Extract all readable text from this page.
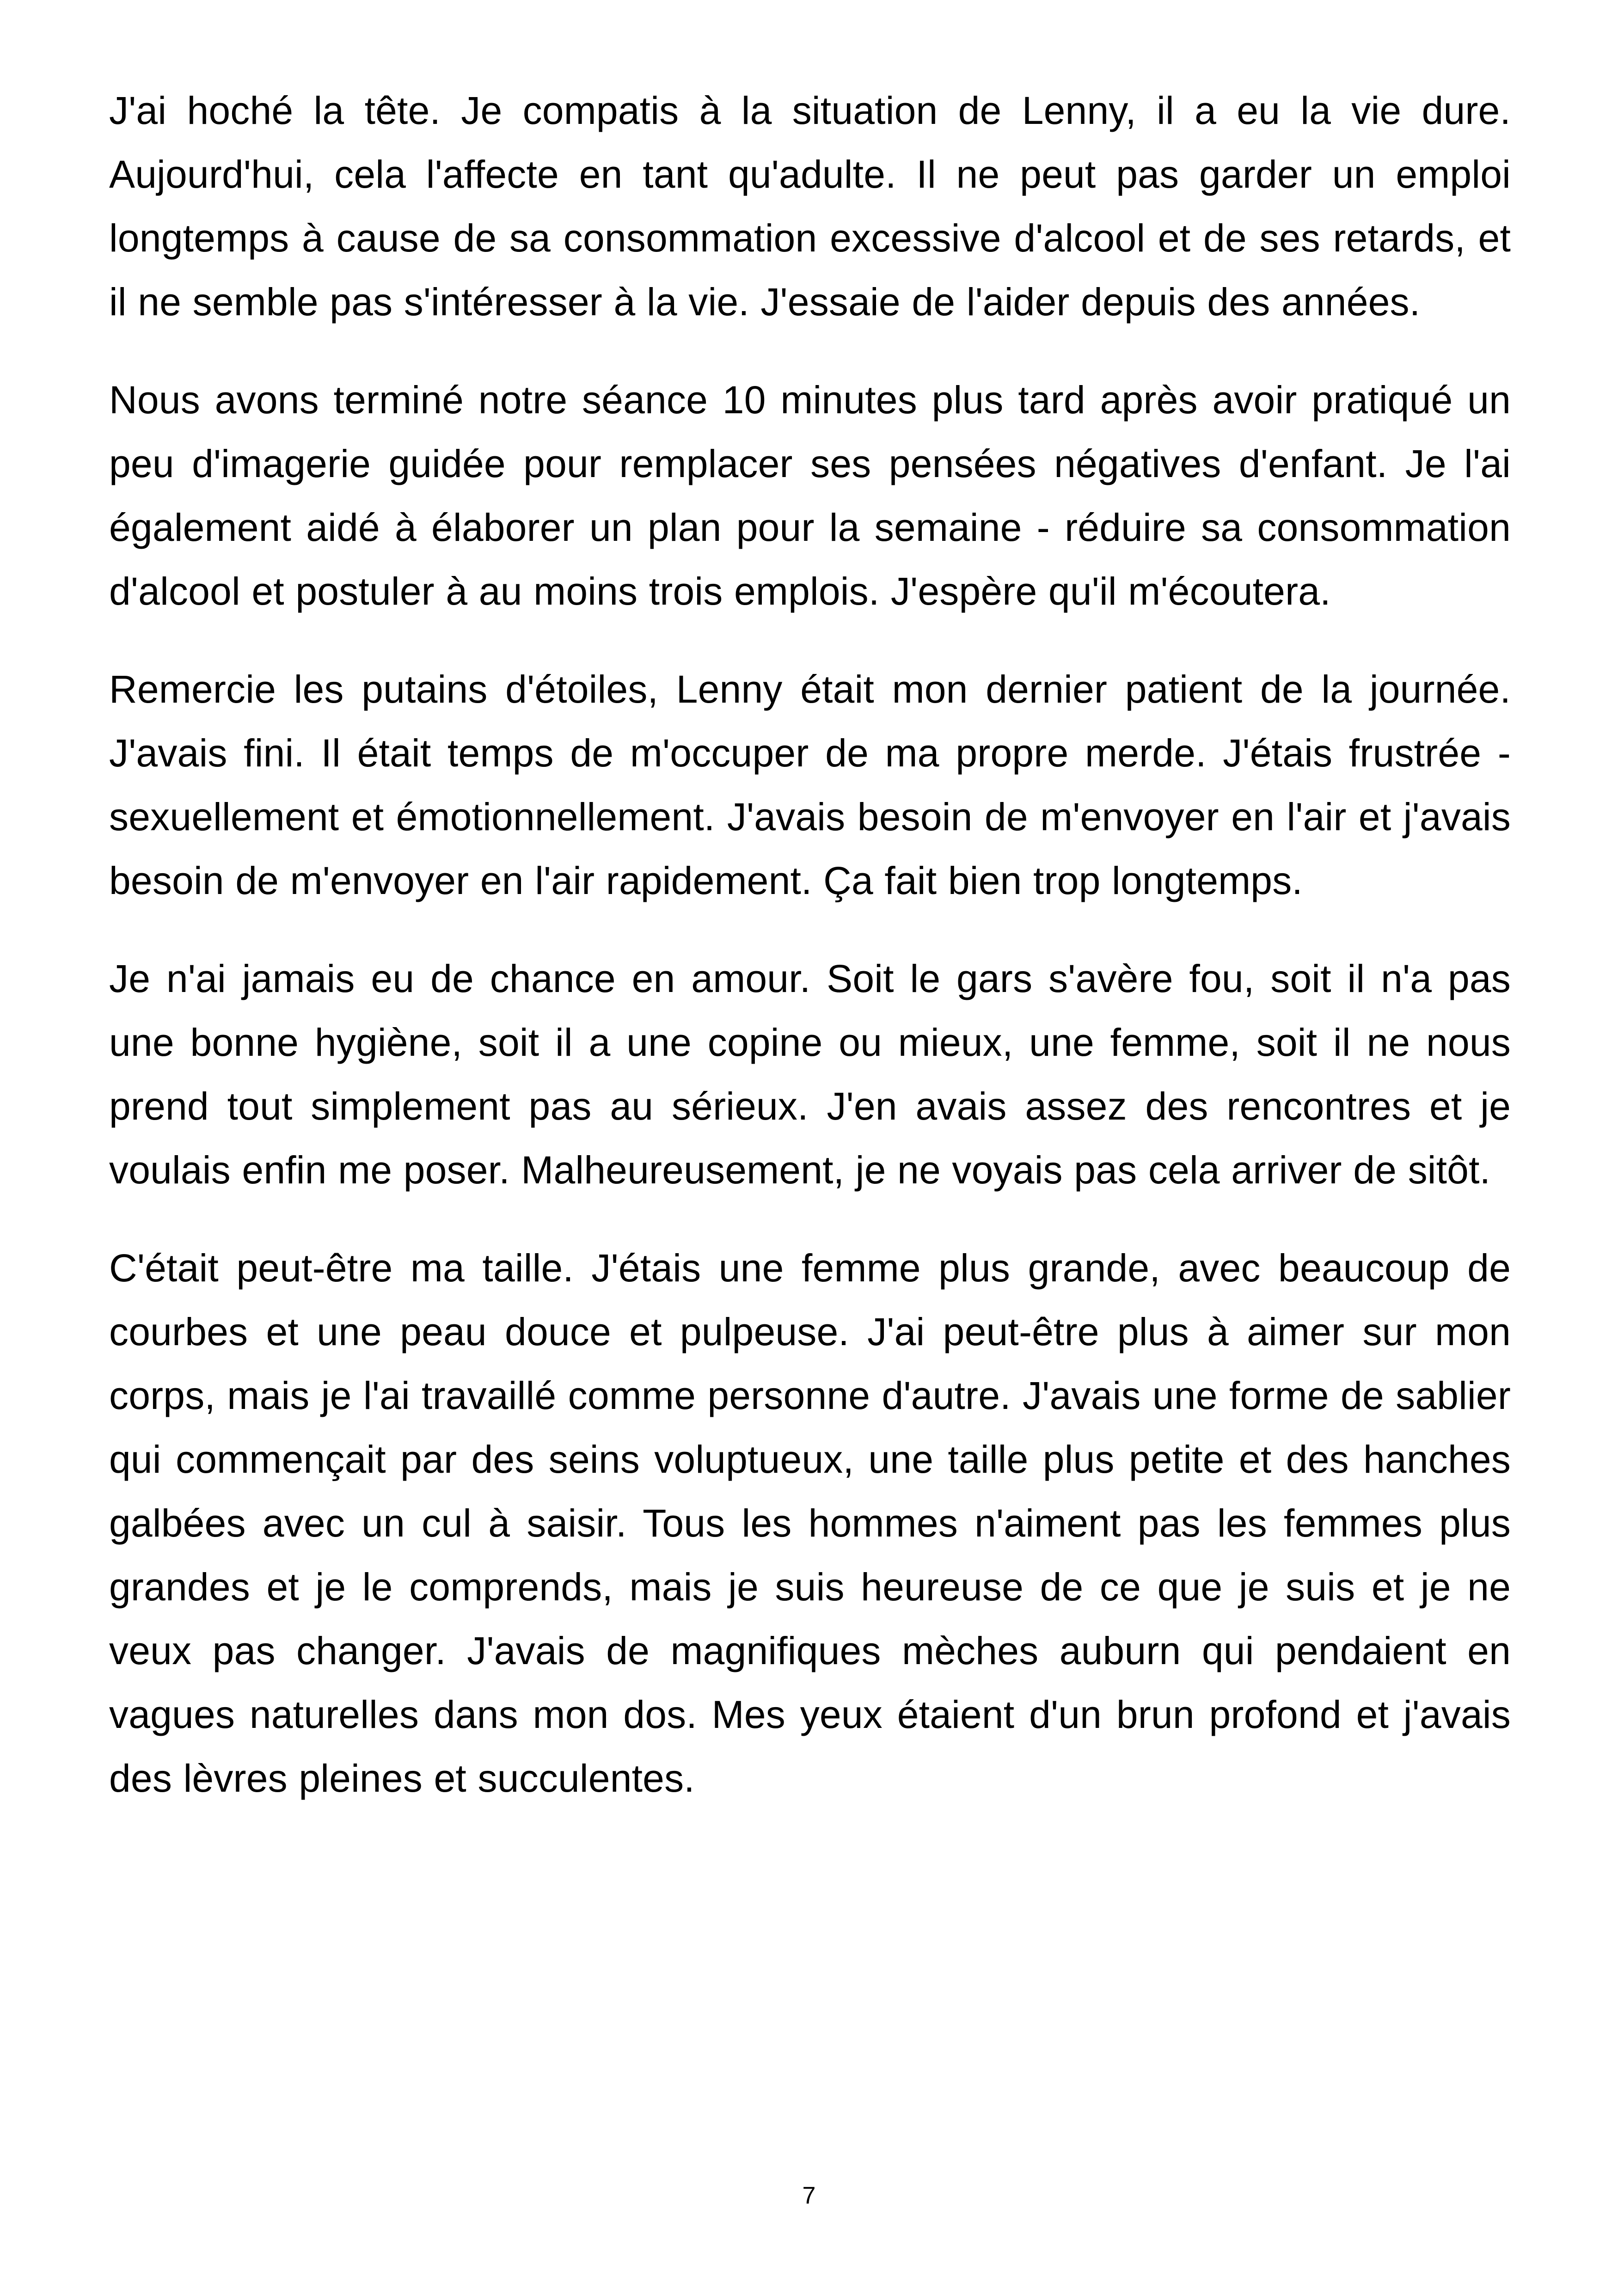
J'ai hoché la tête. Je compatis à la situation de Lenny, il a eu la vie dure. Aujourd'hui, cela l'affecte en tant qu'adulte. Il ne peut pas garder un emploi longtemps à cause de sa consommation excessive d'alcool et de ses retards, et il ne semble pas s'intéresser à la vie. J'essaie de l'aider depuis des années.

Nous avons terminé notre séance 10 minutes plus tard après avoir pratiqué un peu d'imagerie guidée pour remplacer ses pensées négatives d'enfant. Je l'ai également aidé à élaborer un plan pour la semaine - réduire sa consommation d'alcool et postuler à au moins trois emplois. J'espère qu'il m'écoutera.

Remercie les putains d'étoiles, Lenny était mon dernier patient de la journée. J'avais fini. Il était temps de m'occuper de ma propre merde. J'étais frustrée - sexuellement et émotionnellement. J'avais besoin de m'envoyer en l'air et j'avais besoin de m'envoyer en l'air rapidement. Ça fait bien trop longtemps.

Je n'ai jamais eu de chance en amour. Soit le gars s'avère fou, soit il n'a pas une bonne hygiène, soit il a une copine ou mieux, une femme, soit il ne nous prend tout simplement pas au sérieux. J'en avais assez des rencontres et je voulais enfin me poser. Malheureusement, je ne voyais pas cela arriver de sitôt.

C'était peut-être ma taille. J'étais une femme plus grande, avec beaucoup de courbes et une peau douce et pulpeuse. J'ai peut-être plus à aimer sur mon corps, mais je l'ai travaillé comme personne d'autre. J'avais une forme de sablier qui commençait par des seins voluptueux, une taille plus petite et des hanches galbées avec un cul à saisir. Tous les hommes n'aiment pas les femmes plus grandes et je le comprends, mais je suis heureuse de ce que je suis et je ne veux pas changer. J'avais de magnifiques mèches auburn qui pendaient en vagues naturelles dans mon dos. Mes yeux étaient d'un brun profond et j'avais des lèvres pleines et succulentes.

7
